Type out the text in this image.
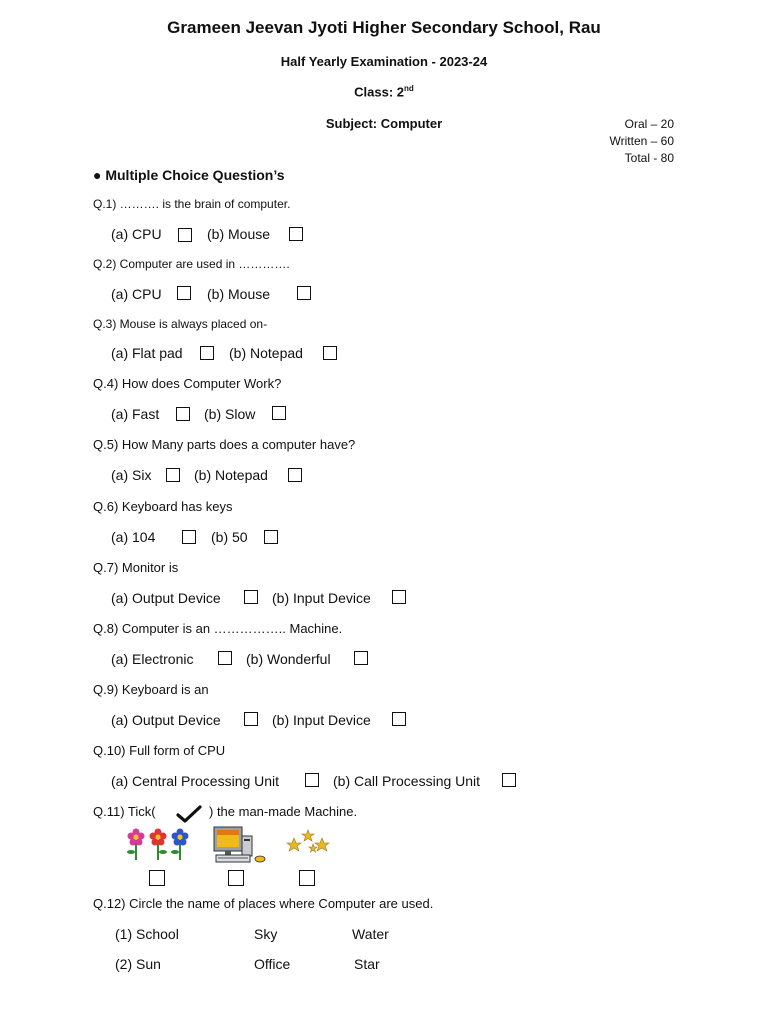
Grameen Jeevan Jyoti Higher Secondary School, Rau
Half Yearly Examination - 2023-24
Class: 2nd
Subject: Computer	Oral – 20
Written – 60
Total - 80
● Multiple Choice Question’s
Q.1) ………. is the brain of computer.
(a) CPU	(b) Mouse
Q.2) Computer are used in ………….
(a) CPU	(b) Mouse
Q.3) Mouse is always placed on-
(a) Flat pad	(b) Notepad
Q.4) How does Computer Work?
(a) Fast	(b) Slow
Q.5) How Many parts does a computer have?
(a) Six	(b) Notepad
Q.6) Keyboard has keys
(a) 104	(b) 50
Q.7) Monitor is
(a) Output Device	(b) Input Device
Q.8) Computer is an …………….. Machine.
(a) Electronic	(b) Wonderful
Q.9) Keyboard is an
(a) Output Device	(b) Input Device
Q.10) Full form of CPU
(a) Central Processing Unit	(b) Call Processing Unit
Q.11) Tick(	) the man-made Machine.
Q.12) Circle the name of places where Computer are used.
(1) School	Sky	Water
(2) Sun	Office	Star
